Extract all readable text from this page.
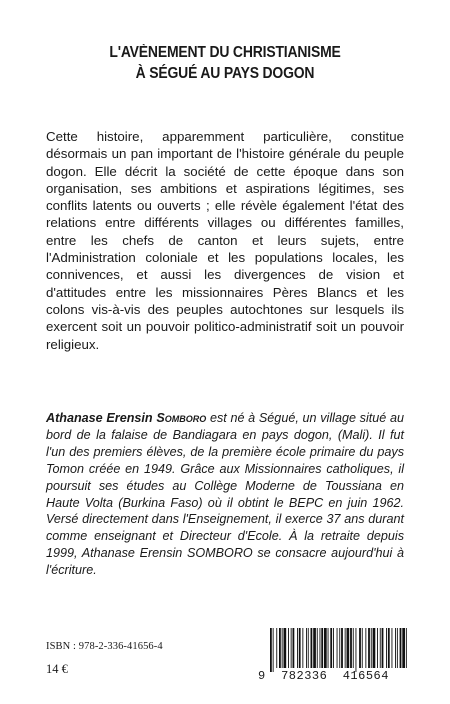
L'AVÈNEMENT DU CHRISTIANISME
À SÉGUÉ AU PAYS DOGON

Cette histoire, apparemment particulière, constitue désormais un pan important de l'histoire générale du peuple dogon. Elle décrit la société de cette époque dans son organisation, ses ambitions et aspirations légitimes, ses conflits latents ou ouverts ; elle révèle également l'état des relations entre différents villages ou différentes familles, entre les chefs de canton et leurs sujets, entre l'Administration coloniale et les populations locales, les connivences, et aussi les divergences de vision et d'attitudes entre les missionnaires Pères Blancs et les colons vis-à-vis des peuples autochtones sur lesquels ils exercent soit un pouvoir politico-administratif soit un pouvoir religieux.

Athanase Erensin Somboro est né à Ségué, un village situé au bord de la falaise de Bandiagara en pays dogon, (Mali). Il fut l'un des premiers élèves, de la première école primaire du pays Tomon créée en 1949. Grâce aux Missionnaires catholiques, il poursuit ses études au Collège Moderne de Toussiana en Haute Volta (Burkina Faso) où il obtint le BEPC en juin 1962. Versé directement dans l'Enseignement, il exerce 37 ans durant comme enseignant et Directeur d'Ecole. À la retraite depuis 1999, Athanase Erensin SOMBORO se consacre aujourd'hui à l'écriture.

ISBN : 978-2-336-41656-4
14 €	9 782336 416564
